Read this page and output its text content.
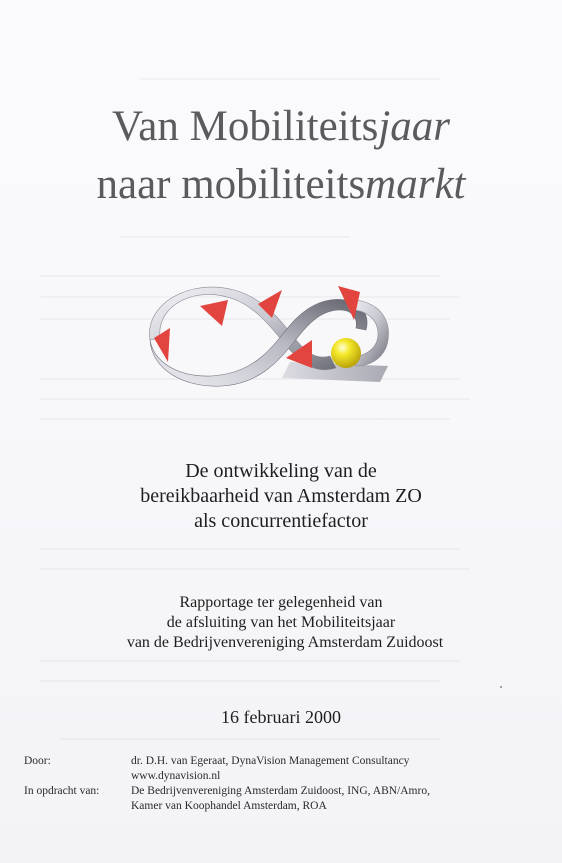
Van Mobiliteitsjaar
naar mobiliteitsmarkt
De ontwikkeling van de
bereikbaarheid van Amsterdam ZO
als concurrentiefactor
Rapportage ter gelegenheid van
de afsluiting van het Mobiliteitsjaar
van de Bedrijvenvereniging Amsterdam Zuidoost
16 februari 2000
Door:	dr. D.H. van Egeraat, DynaVision Management Consultancy
www.dynavision.nl
In opdracht van:	De Bedrijvenvereniging Amsterdam Zuidoost, ING, ABN/Amro,
Kamer van Koophandel Amsterdam, ROA
